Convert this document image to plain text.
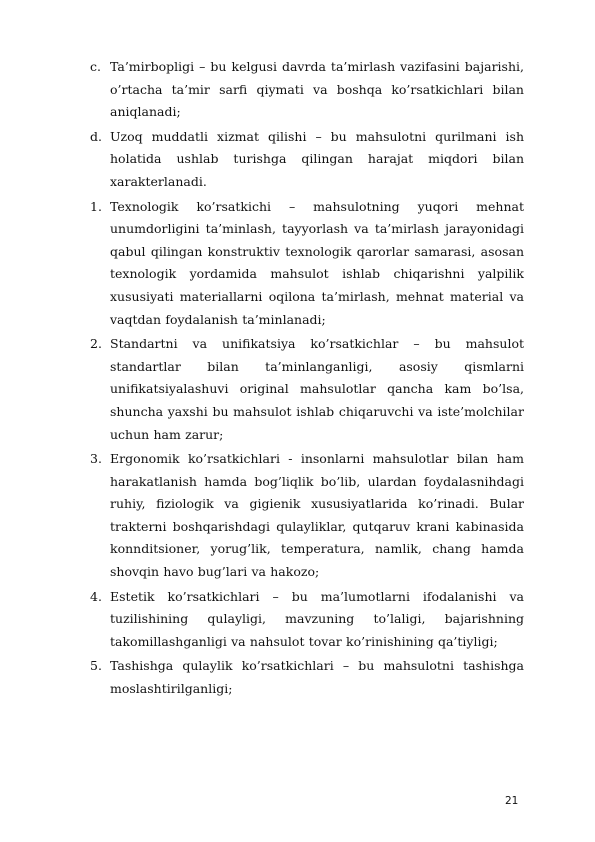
c. Ta’mirbopligi – bu kelgusi davrda ta’mirlash vazifasini bajarishi, o’rtacha ta’mir sarfi qiymati va boshqa ko’rsatkichlari bilan aniqlanadi;
d. Uzoq muddatli xizmat qilishi – bu mahsulotni qurilmani ish holatida ushlab turishga qilingan harajat miqdori bilan xarakterlanadi.
1. Texnologik ko’rsatkichi – mahsulotning yuqori mehnat unumdorligini ta’minlash, tayyorlash va ta’mirlash jarayonidagi qabul qilingan konstruktiv texnologik qarorlar samarasi, asosan texnologik yordamida mahsulot ishlab chiqarishni yalpilik xususiyati materiallarni oqilona ta’mirlash, mehnat material va vaqtdan foydalanish ta’minlanadi;
2. Standartni va unifikatsiya ko’rsatkichlar – bu mahsulot standartlar bilan ta’minlanganligi, asosiy qismlarni unifikatsiyalashuvi original mahsulotlar qancha kam bo’lsa, shuncha yaxshi bu mahsulot ishlab chiqaruvchi va iste’molchilar uchun ham zarur;
3. Ergonomik ko’rsatkichlari - insonlarni mahsulotlar bilan ham harakatlanish hamda bog’liqlik bo’lib, ulardan foydalasnihdagi ruhiy, fiziologik va gigienik xususiyatlarida ko’rinadi. Bular trakterni boshqarishdagi qulayliklar, qutqaruv krani kabinasida konnditsioner, yorug’lik, temperatura, namlik, chang hamda shovqin havo bug’lari va hakozo;
4. Estetik ko’rsatkichlari – bu ma’lumotlarni ifodalanishi va tuzilishining qulayligi, mavzuning to’laligi, bajarishning takomillashganligi va nahsulot tovar ko’rinishining qa’tiyligi;
5. Tashishga qulaylik ko’rsatkichlari – bu mahsulotni tashishga moslashtirilganligi;
21
